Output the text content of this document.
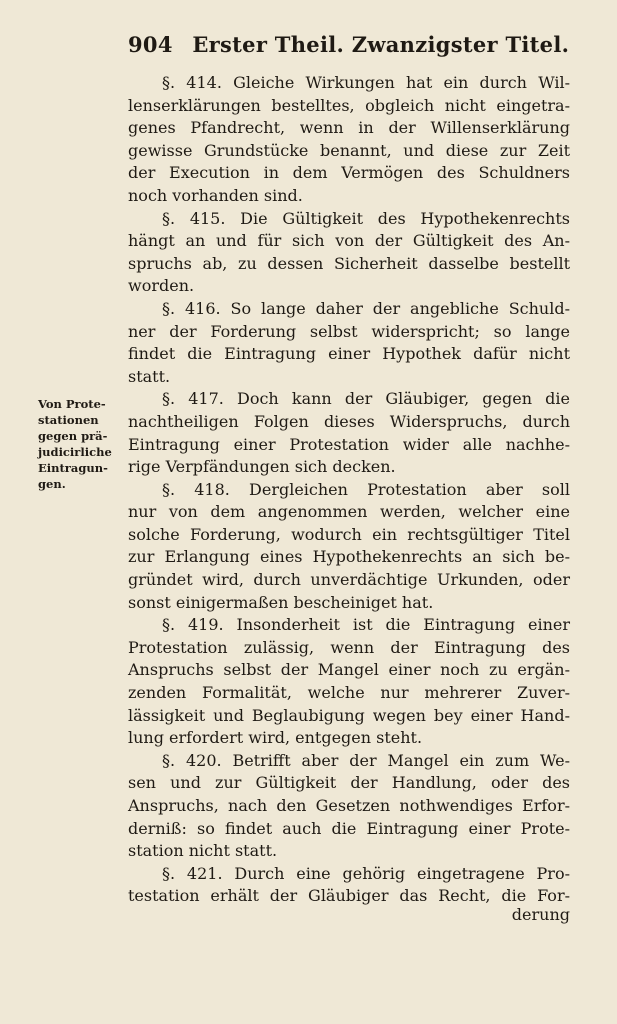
904 Erster Theil. Zwanzigster Titel.
Von Prote-
stationen
gegen prä-
judicirliche
Eintragun-
gen.
§. 414. Gleiche Wirkungen hat ein durch Wil-
lenserklärungen bestelltes, obgleich nicht eingetra-
genes Pfandrecht, wenn in der Willenserklärung
gewisse Grundstücke benannt, und diese zur Zeit
der Execution in dem Vermögen des Schuldners
noch vorhanden sind.
§. 415. Die Gültigkeit des Hypothekenrechts
hängt an und für sich von der Gültigkeit des An-
spruchs ab, zu dessen Sicherheit dasselbe bestellt
worden.
§. 416. So lange daher der angebliche Schuld-
ner der Forderung selbst widerspricht; so lange
findet die Eintragung einer Hypothek dafür nicht
statt.
§. 417. Doch kann der Gläubiger, gegen die
nachtheiligen Folgen dieses Widerspruchs, durch
Eintragung einer Protestation wider alle nachhe-
rige Verpfändungen sich decken.
§. 418. Dergleichen Protestation aber soll
nur von dem angenommen werden, welcher eine
solche Forderung, wodurch ein rechtsgültiger Titel
zur Erlangung eines Hypothekenrechts an sich be-
gründet wird, durch unverdächtige Urkunden, oder
sonst einigermaßen bescheiniget hat.
§. 419. Insonderheit ist die Eintragung einer
Protestation zulässig, wenn der Eintragung des
Anspruchs selbst der Mangel einer noch zu ergän-
zenden Formalität, welche nur mehrerer Zuver-
lässigkeit und Beglaubigung wegen bey einer Hand-
lung erfordert wird, entgegen steht.
§. 420. Betrifft aber der Mangel ein zum We-
sen und zur Gültigkeit der Handlung, oder des
Anspruchs, nach den Gesetzen nothwendiges Erfor-
derniß: so findet auch die Eintragung einer Prote-
station nicht statt.
§. 421. Durch eine gehörig eingetragene Pro-
testation erhält der Gläubiger das Recht, die For-
derung
